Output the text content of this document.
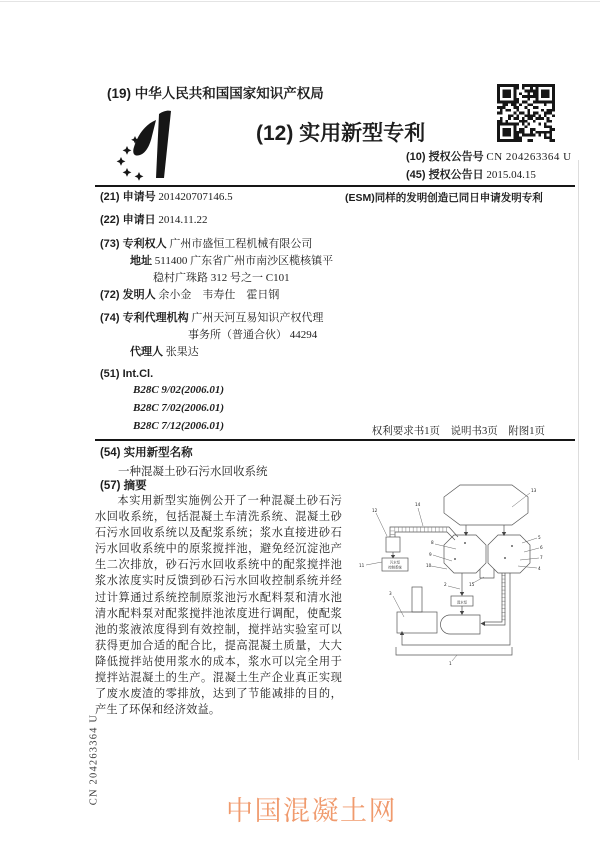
(19) 中华人民共和国国家知识产权局
(12) 实用新型专利
(10) 授权公告号 CN 204263364 U
(45) 授权公告日 2015.04.15
(21) 申请号 201420707146.5	(ESM)同样的发明创造已同日申请发明专利
(22) 申请日 2014.11.22
(73) 专利权人 广州市盛恒工程机械有限公司
地址 511400 广东省广州市南沙区榄核镇平
稳村广珠路 312 号之一 C101
(72) 发明人 余小金　韦寿仕　霍日钢
(74) 专利代理机构 广州天河互易知识产权代理
事务所（普通合伙） 44294
代理人 张果达
(51) Int.Cl.
B28C 9/02(2006.01)
B28C 7/02(2006.01)
B28C 7/12(2006.01)	权利要求书1页　说明书3页　附图1页
(54) 实用新型名称
一种混凝土砂石污水回收系统
(57) 摘要
本实用新型实施例公开了一种混凝土砂石污水回收系统，包括混凝土车清洗系统、混凝土砂石污水回收系统以及配浆系统；浆水直接进砂石污水回收系统中的原浆搅拌池，避免经沉淀池产生二次排放，砂石污水回收系统中的配浆搅拌池浆水浓度实时反馈到砂石污水回收控制系统并经过计算通过系统控制原浆池污水配料泵和清水池清水配料泵对配浆搅拌池浓度进行调配，使配浆池的浆液浓度得到有效控制，搅拌站实验室可以获得更加合适的配合比，提高混凝土质量，大大降低搅拌站使用浆水的成本，浆水可以完全用于搅拌站混凝土的生产。混凝土生产企业真正实现了废水废渣的零排放，达到了节能减排的目的，产生了环保和经济效益。
12
14
13
11
8
9
10
15
5
6
7
4
2
3
1
污水泵
控制系统
清水泵
CN 204263364 U
中国混凝土网
